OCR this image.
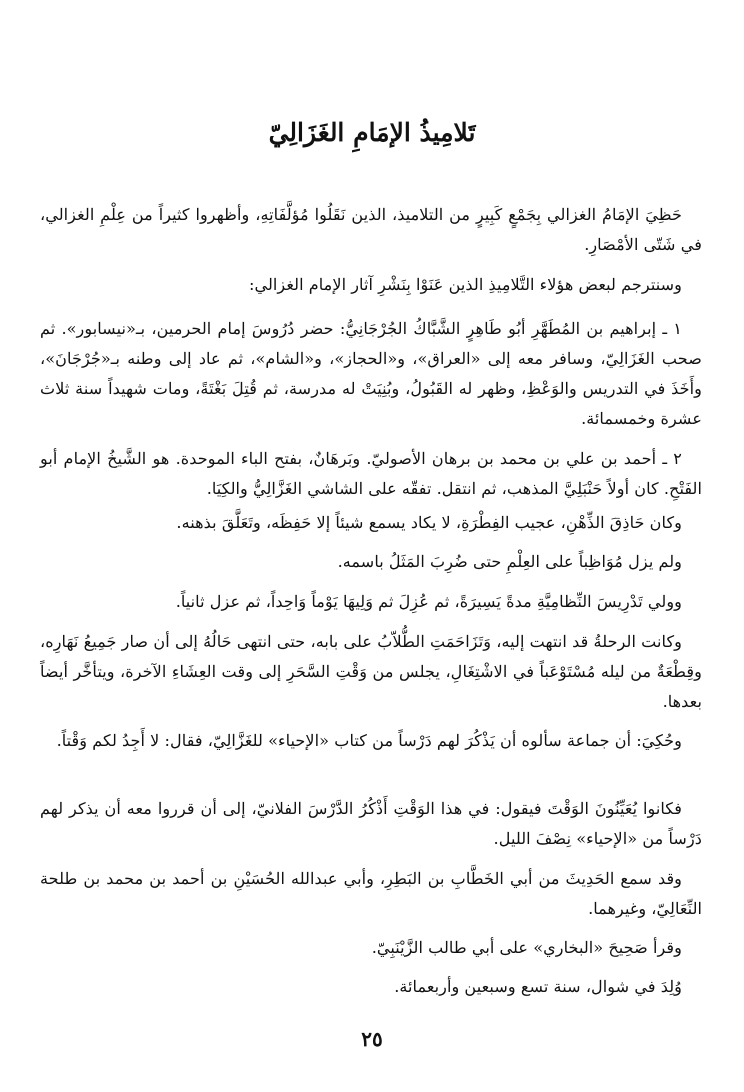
تَلامِيذُ الإمَامِ الغَزَالِيّ

حَظِيَ الإمَامُ الغزالي بِجَمْعٍ كَبِيرٍ من التلاميذ، الذين نَقَلُوا مُؤلَّفَاتِهِ، وأظهروا كثيراً من عِلْمِ الغزالي، في شَتّى الأمْصَارِ.

وسنترجم لبعض هؤلاء التَّلامِيذِ الذين عَنَوْا بِنَشْرِ آثار الإمام الغزالي:

١ ـ إبراهيم بن المُطَهَّرِ أبُو طَاهِرٍ الشَّبَّاكُ الجُرْجَانِيُّ: حضر دُرُوسَ إمام الحرمين، بـ«نيسابور». ثم صحب الغَزَالِيّ، وسافر معه إلى «العراق»، و«الحجاز»، و«الشام»، ثم عاد إلى وطنه بـ«جُرْجَانَ»، وأَخَذَ في التدريس والوَعْظِ، وظهر له القَبُولُ، وبُنِيَتْ له مدرسة، ثم قُتِلَ بَغْتَةً، ومات شهيداً سنة ثلاث عشرة وخمسمائة.

٢ ـ أحمد بن علي بن محمد بن برهان الأصوليّ. وبَرهَانٌ، بفتح الباء الموحدة. هو الشَّيخُ الإمام أبو الفَتْحِ. كان أولاً حَنْبَلِيَّ المذهب، ثم انتقل. تفقّه على الشاشي الغَزَّالِيُّ والكِيَا.

وكان حَاذِقَ الذِّهْنِ، عجيب الفِطْرَةِ، لا يكاد يسمع شيئاً إلا حَفِظَه، وتَعَلَّقَ بذهنه.

ولم يزل مُوَاظِباً على العِلْمِ حتى ضُرِبَ المَثَلُ باسمه.

وولي تَدْرِيسَ النِّظامِيَّةِ مدةً يَسِيرَةً، ثم عُزِلَ ثم وَلِيهَا يَوْماً وَاحِداً، ثم عزل ثانياً.

وكانت الرحلةُ قد انتهت إليه، وَتَزَاحَمَتِ الطُّلاّبُ على بابه، حتى انتهى حَالُهُ إلى أن صار جَمِيعُ نَهَارِه، وقِطْعَةٌ من ليله مُسْتَوْعَباً في الاشْتِغَالِ، يجلس من وَقْتِ السَّحَرِ إلى وقت العِشَاءِ الآخرة، ويتأخَّر أيضاً بعدها.

وحُكِيَ: أن جماعة سألوه أن يَذْكُرَ لهم دَرْساً من كتاب «الإحياء» للغَزَّالِيّ، فقال: لا أَجِدُ لكم وَقْتاً.

فكانوا يُعَيِّنُونَ الوَقْتَ فيقول: في هذا الوَقْتِ أَذْكُرُ الدَّرْسَ الفلانيّ، إلى أن قرروا معه أن يذكر لهم دَرْساً من «الإحياء» نِصْفَ الليل.

وقد سمع الحَدِيثَ من أبي الخَطَّابِ بن البَطِرِ، وأبي عبدالله الحُسَيْنِ بن أحمد بن محمد بن طلحة النِّعَالِيّ، وغيرهما.

وقرأ صَحِيحَ «البخاري» على أبي طالب الزَّيْنَبِيّ.

وُلِدَ في شوال، سنة تسع وسبعين وأربعمائة.

٢٥
